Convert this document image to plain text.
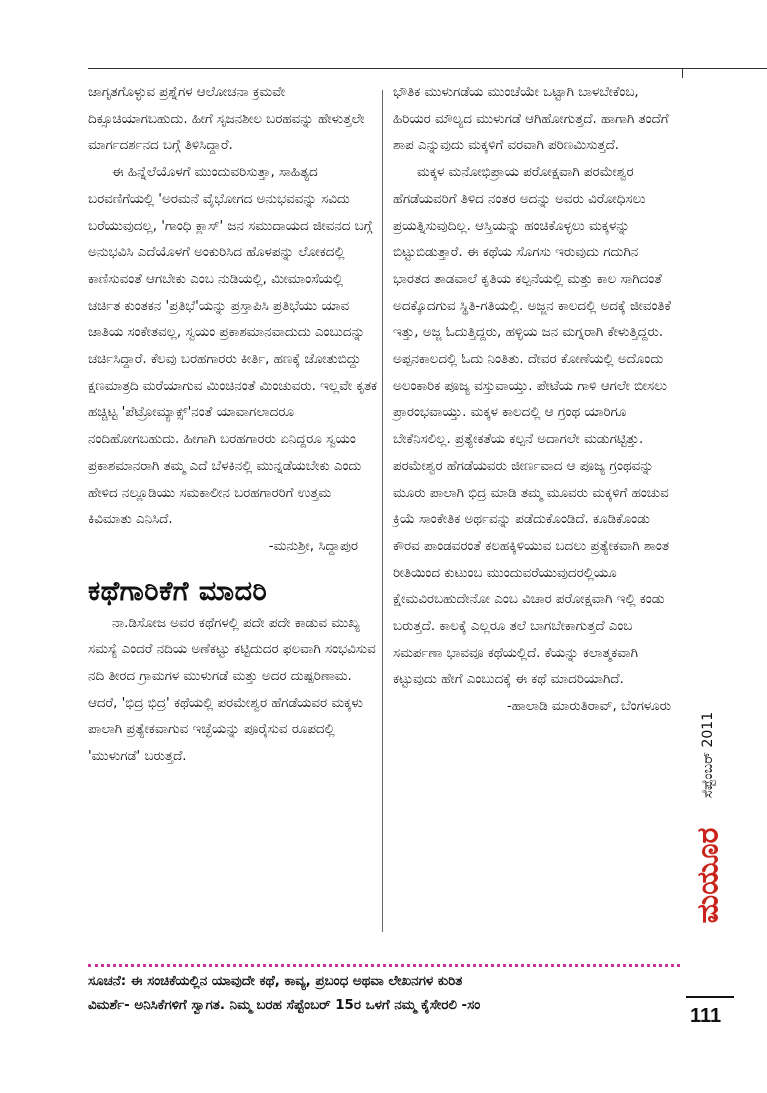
ಜಾಗೃತಗೊಳ್ಳುವ ಪ್ರಶ್ನೆಗಳ ಆಲೋಚನಾ ಕ್ರಮವೇ ದಿಕ್ಸೂಚಿಯಾಗಬಹುದು. ಹೀಗೆ ಸೃಜನಶೀಲ ಬರಹವನ್ನು ಹೇಳುತ್ತಲೇ ಮಾರ್ಗದರ್ಶನದ ಬಗ್ಗೆ ತಿಳಿಸಿದ್ದಾರೆ.

ಈ ಹಿನ್ನೆಲೆಯೊಳಗೆ ಮುಂದುವರಿಸುತ್ತಾ, ಸಾಹಿತ್ಯದ ಬರವಣಿಗೆಯಲ್ಲಿ 'ಅರಮನೆ ವೈಭೋಗದ ಅನುಭವವನ್ನು ಸವಿದು ಬರೆಯುವುದಲ್ಲ, 'ಗಾಂಧಿ ಕ್ಲಾಸ್' ಜನ ಸಮುದಾಯದ ಜೀವನದ ಬಗ್ಗೆ ಅನುಭವಿಸಿ ಎದೆಯೊಳಗೆ ಅಂಕುರಿಸಿದ ಹೊಳಪನ್ನು ಲೋಕದಲ್ಲಿ ಕಾಣಿಸುವಂತೆ ಆಗಬೇಕು ಎಂಬ ನುಡಿಯಲ್ಲಿ, ಮೀಮಾಂಸೆಯಲ್ಲಿ ಚರ್ಚಿತ ಕುಂತಕನ 'ಪ್ರತಿಭೆ'ಯನ್ನು ಪ್ರಸ್ತಾಪಿಸಿ ಪ್ರತಿಭೆಯು ಯಾವ ಜಾತಿಯ ಸಂಕೇತವಲ್ಲ, ಸ್ವಯಂ ಪ್ರಕಾಶಮಾನವಾದುದು ಎಂಬುದನ್ನು ಚರ್ಚಿಸಿದ್ದಾರೆ. ಕೆಲವು ಬರಹಗಾರರು ಕೀರ್ತಿ, ಹಣಕ್ಕೆ ಜೋತುಬಿದ್ದು ಕ್ಷಣಮಾತ್ರದಿ ಮರೆಯಾಗುವ ಮಿಂಚಿನಂತೆ ಮಿಂಚುವರು. ಇಲ್ಲವೇ ಕೃತಕ ಹಚ್ಚಿಟ್ಟ 'ಪೆಟ್ರೋಮ್ಯಾಕ್ಸ್'ನಂತೆ ಯಾವಾಗಲಾದರೂ ನಂದಿಹೋಗಬಹುದು. ಹೀಗಾಗಿ ಬರಹಗಾರರು ಏನಿದ್ದರೂ ಸ್ವಯಂ ಪ್ರಕಾಶಮಾನರಾಗಿ ತಮ್ಮ ಎದೆ ಬೆಳಕಿನಲ್ಲಿ ಮುನ್ನಡೆಯಬೇಕು ಎಂದು ಹೇಳಿದ ನಲ್ಲೂಡಿಯು ಸಮಕಾಲೀನ ಬರಹಗಾರರಿಗೆ ಉತ್ತಮ ಕಿವಿಮಾತು ಎನಿಸಿದೆ.

-ಮನುಶ್ರೀ, ಸಿದ್ದಾಪುರ

ಕಥೆಗಾರಿಕೆಗೆ ಮಾದರಿ

ನಾ.ಡಿಸೋಜ ಅವರ ಕಥೆಗಳಲ್ಲಿ ಪದೇ ಪದೇ ಕಾಡುವ ಮುಖ್ಯ ಸಮಸ್ಯೆ ಎಂದರೆ ನದಿಯ ಅಣೆಕಟ್ಟು ಕಟ್ಟಿದುದರ ಫಲವಾಗಿ ಸಂಭವಿಸುವ ನದಿ ತೀರದ ಗ್ರಾಮಗಳ ಮುಳುಗಡೆ ಮತ್ತು ಅದರ ದುಷ್ಪರಿಣಾಮ. ಆದರೆ, 'ಭಿದ್ರ ಭಿದ್ರ' ಕಥೆಯಲ್ಲಿ ಪರಮೇಶ್ವರ ಹೆಗಡೆಯವರ ಮಕ್ಕಳು ಪಾಲಾಗಿ ಪ್ರತ್ಯೇಕವಾಗುವ ಇಚ್ಛೆಯನ್ನು ಪೂರೈಸುವ ರೂಪದಲ್ಲಿ 'ಮುಳುಗಡೆ' ಬರುತ್ತದೆ.

ಭೌತಿಕ ಮುಳುಗಡೆಯ ಮುಂಚೆಯೇ ಒಟ್ಟಾಗಿ ಬಾಳಬೇಕೆಂಬ, ಹಿರಿಯರ ಮೌಲ್ಯದ ಮುಳುಗಡೆ ಆಗಿಹೋಗುತ್ತದೆ. ಹಾಗಾಗಿ ತಂದೆಗೆ ಶಾಪ ಎನ್ನುವುದು ಮಕ್ಕಳಿಗೆ ವರವಾಗಿ ಪರಿಣಮಿಸುತ್ತದೆ.

ಮಕ್ಕಳ ಮನೋಭಿಪ್ರಾಯ ಪರೋಕ್ಷವಾಗಿ ಪರಮೇಶ್ವರ ಹೆಗಡೆಯವರಿಗೆ ತಿಳಿದ ನಂತರ ಅದನ್ನು ಅವರು ವಿರೋಧಿಸಲು ಪ್ರಯತ್ನಿಸುವುದಿಲ್ಲ. ಆಸ್ತಿಯನ್ನು ಹಂಚಿಕೊಳ್ಳಲು ಮಕ್ಕಳನ್ನು ಬಿಟ್ಟುಬಿಡುತ್ತಾರೆ. ಈ ಕಥೆಯ ಸೊಗಸು ಇರುವುದು ಗದುಗಿನ ಭಾರತದ ತಾಡವಾಲೆ ಕೃತಿಯ ಕಲ್ಪನೆಯಲ್ಲಿ ಮತ್ತು ಕಾಲ ಸಾಗಿದಂತೆ ಅದಕ್ಕೊದಗುವ ಸ್ಥಿತಿ-ಗತಿಯಲ್ಲಿ. ಅಜ್ಜನ ಕಾಲದಲ್ಲಿ ಅದಕ್ಕೆ ಜೀವಂತಿಕೆ ಇತ್ತು, ಅಜ್ಜ ಓದುತ್ತಿದ್ದರು, ಹಳ್ಳಿಯ ಜನ ಮಗ್ನರಾಗಿ ಕೇಳುತ್ತಿದ್ದರು. ಅಪ್ಪನಕಾಲದಲ್ಲಿ ಓದು ನಿಂತಿತು. ದೇವರ ಕೋಣೆಯಲ್ಲಿ ಅದೊಂದು ಅಲಂಕಾರಿಕ ಪೂಜ್ಯ ವಸ್ತುವಾಯ್ತು. ಪೇಟೆಯ ಗಾಳಿ ಆಗಲೇ ಬೀಸಲು ಪ್ರಾರಂಭವಾಯ್ತು. ಮಕ್ಕಳ ಕಾಲದಲ್ಲಿ ಆ ಗ್ರಂಥ ಯಾರಿಗೂ ಬೇಕೆನಿಸಲಿಲ್ಲ. ಪ್ರತ್ಯೇಕತೆಯ ಕಲ್ಪನೆ ಅದಾಗಲೇ ಮಡುಗಟ್ಟಿತ್ತು. ಪರಮೇಶ್ವರ ಹೆಗಡೆಯವರು ಜೀರ್ಣವಾದ ಆ ಪೂಜ್ಯ ಗ್ರಂಥವನ್ನು ಮೂರು ಪಾಲಾಗಿ ಭಿದ್ರ ಮಾಡಿ ತಮ್ಮ ಮೂವರು ಮಕ್ಕಳಿಗೆ ಹಂಚುವ ಕ್ರಿಯೆ ಸಾಂಕೇತಿಕ ಅರ್ಥವನ್ನು ಪಡೆದುಕೊಂಡಿದೆ. ಕೂಡಿಕೊಂಡು ಕೌರವ ಪಾಂಡವರಂತೆ ಕಲಹಕ್ಕಿಳಿಯುವ ಬದಲು ಪ್ರತ್ಯೇಕವಾಗಿ ಶಾಂತ ರೀತಿಯಿಂದ ಕುಟುಂಬ ಮುಂದುವರೆಯುವುದರಲ್ಲಿಯೂ ಕ್ಷೇಮವಿರಬಹುದೇನೋ ಎಂಬ ವಿಚಾರ ಪರೋಕ್ಷವಾಗಿ ಇಲ್ಲಿ ಕಂಡು ಬರುತ್ತದೆ. ಕಾಲಕ್ಕೆ ಎಲ್ಲರೂ ತಲೆ ಬಾಗಬೇಕಾಗುತ್ತದೆ ಎಂಬ ಸಮರ್ಪಣಾ ಭಾವವೂ ಕಥೆಯಲ್ಲಿದೆ. ಕೆಯನ್ನು ಕಲಾತ್ಮಕವಾಗಿ ಕಟ್ಟುವುದು ಹೇಗೆ ಎಂಬುದಕ್ಕೆ ಈ ಕಥೆ ಮಾದರಿಯಾಗಿದೆ.

-ಹಾಲಾಡಿ ಮಾರುತಿರಾವ್, ಬೆಂಗಳೂರು

ಸೆಪ್ಟೆಂಬರ್ 2011
ಮಯೂರ

ಸೂಚನೆ: ಈ ಸಂಚಿಕೆಯಲ್ಲಿನ ಯಾವುದೇ ಕಥೆ, ಕಾವ್ಯ, ಪ್ರಬಂಧ ಅಥವಾ ಲೇಖನಗಳ ಕುರಿತ

ವಿಮರ್ಶೆ- ಅನಿಸಿಕೆಗಳಿಗೆ ಸ್ವಾಗತ. ನಿಮ್ಮ ಬರಹ ಸೆಪ್ಟೆಂಬರ್ 15ರ ಒಳಗೆ ನಮ್ಮ ಕೈಸೇರಲಿ -ಸಂ	111
